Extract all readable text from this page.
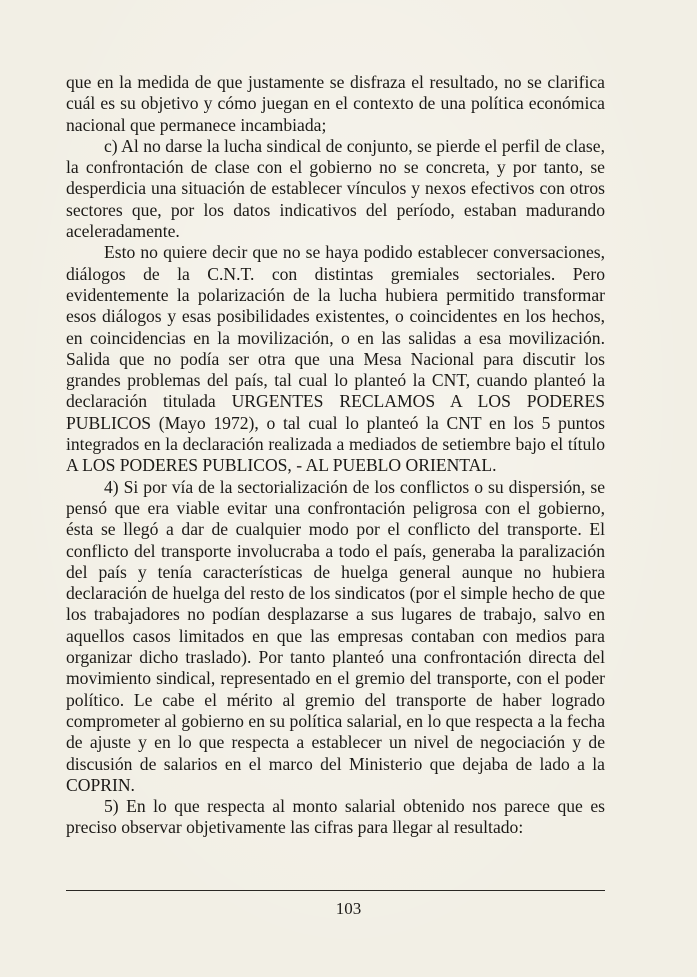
que en la medida de que justamente se disfraza el resultado, no se clarifica cuál es su objetivo y cómo juegan en el contexto de una política económica nacional que permanece incambiada;

c) Al no darse la lucha sindical de conjunto, se pierde el perfil de clase, la confrontación de clase con el gobierno no se concreta, y por tanto, se desperdicia una situación de establecer vínculos y nexos efectivos con otros sectores que, por los datos indicativos del período, estaban madurando aceleradamente.

Esto no quiere decir que no se haya podido establecer conversaciones, diálogos de la C.N.T. con distintas gremiales sectoriales. Pero evidentemente la polarización de la lucha hubiera permitido transformar esos diálogos y esas posibilidades existentes, o coincidentes en los hechos, en coincidencias en la movilización, o en las salidas a esa movilización. Salida que no podía ser otra que una Mesa Nacional para discutir los grandes problemas del país, tal cual lo planteó la CNT, cuando planteó la declaración titulada URGENTES RECLAMOS A LOS PODERES PUBLICOS (Mayo 1972), o tal cual lo planteó la CNT en los 5 puntos integrados en la declaración realizada a mediados de setiembre bajo el título A LOS PODERES PUBLICOS, - AL PUEBLO ORIENTAL.

4) Si por vía de la sectorialización de los conflictos o su dispersión, se pensó que era viable evitar una confrontación peligrosa con el gobierno, ésta se llegó a dar de cualquier modo por el conflicto del transporte. El conflicto del transporte involucraba a todo el país, generaba la paralización del país y tenía características de huelga general aunque no hubiera declaración de huelga del resto de los sindicatos (por el simple hecho de que los trabajadores no podían desplazarse a sus lugares de trabajo, salvo en aquellos casos limitados en que las empresas contaban con medios para organizar dicho traslado). Por tanto planteó una confrontación directa del movimiento sindical, representado en el gremio del transporte, con el poder político. Le cabe el mérito al gremio del transporte de haber logrado comprometer al gobierno en su política salarial, en lo que respecta a la fecha de ajuste y en lo que respecta a establecer un nivel de negociación y de discusión de salarios en el marco del Ministerio que dejaba de lado a la COPRIN.

5) En lo que respecta al monto salarial obtenido nos parece que es preciso observar objetivamente las cifras para llegar al resultado:

103
